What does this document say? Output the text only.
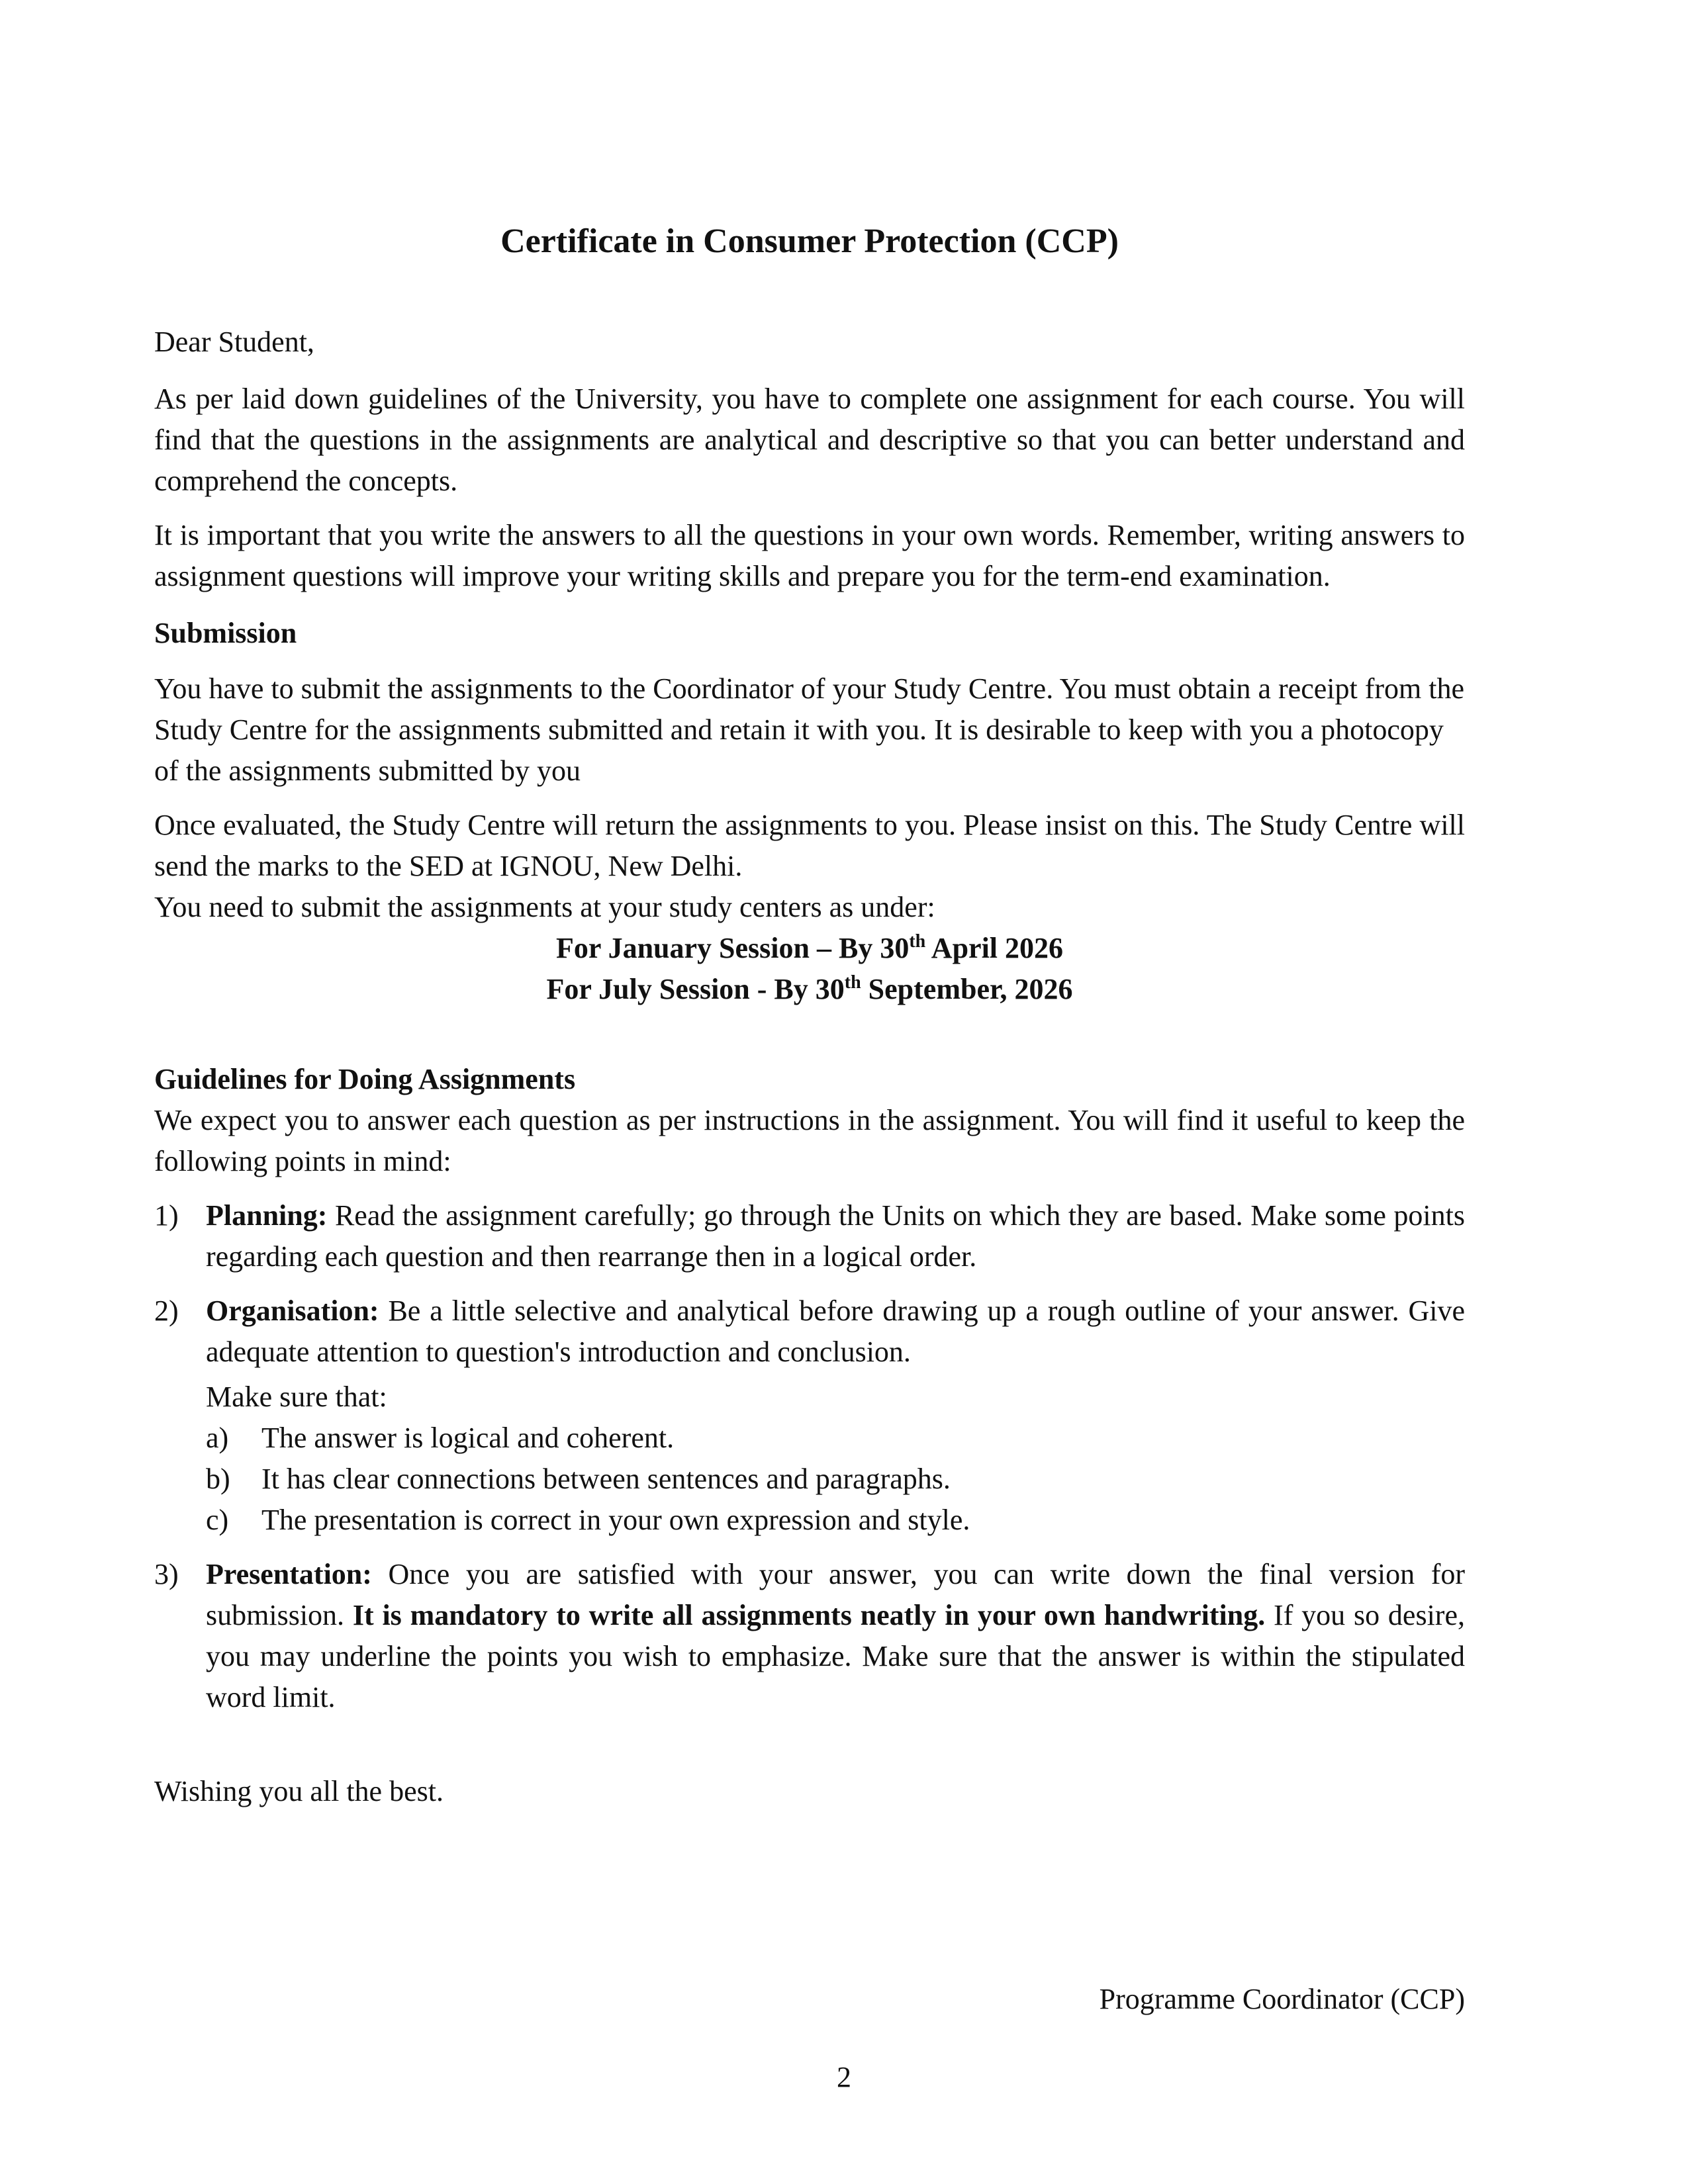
Certificate in Consumer Protection (CCP)

Dear Student,

As per laid down guidelines of the University, you have to complete one assignment for each course. You will find that the questions in the assignments are analytical and descriptive so that you can better understand and comprehend the concepts.

It is important that you write the answers to all the questions in your own words. Remember, writing answers to assignment questions will improve your writing skills and prepare you for the term-end examination.

Submission

You have to submit the assignments to the Coordinator of your Study Centre. You must obtain a receipt from the Study Centre for the assignments submitted and retain it with you. It is desirable to keep with you a photocopy of the assignments submitted by you

Once evaluated, the Study Centre will return the assignments to you. Please insist on this. The Study Centre will send the marks to the SED at IGNOU, New Delhi.

You need to submit the assignments at your study centers as under:

For January Session – By 30th April 2026
For July Session - By 30th September, 2026

Guidelines for Doing Assignments

We expect you to answer each question as per instructions in the assignment. You will find it useful to keep the following points in mind:

1) Planning: Read the assignment carefully; go through the Units on which they are based. Make some points regarding each question and then rearrange then in a logical order.
2) Organisation: Be a little selective and analytical before drawing up a rough outline of your answer. Give adequate attention to question's introduction and conclusion.
Make sure that:
a) The answer is logical and coherent.
b) It has clear connections between sentences and paragraphs.
c) The presentation is correct in your own expression and style.
3) Presentation: Once you are satisfied with your answer, you can write down the final version for submission. It is mandatory to write all assignments neatly in your own handwriting. If you so desire, you may underline the points you wish to emphasize. Make sure that the answer is within the stipulated word limit.

Wishing you all the best.

Programme Coordinator (CCP)
2
